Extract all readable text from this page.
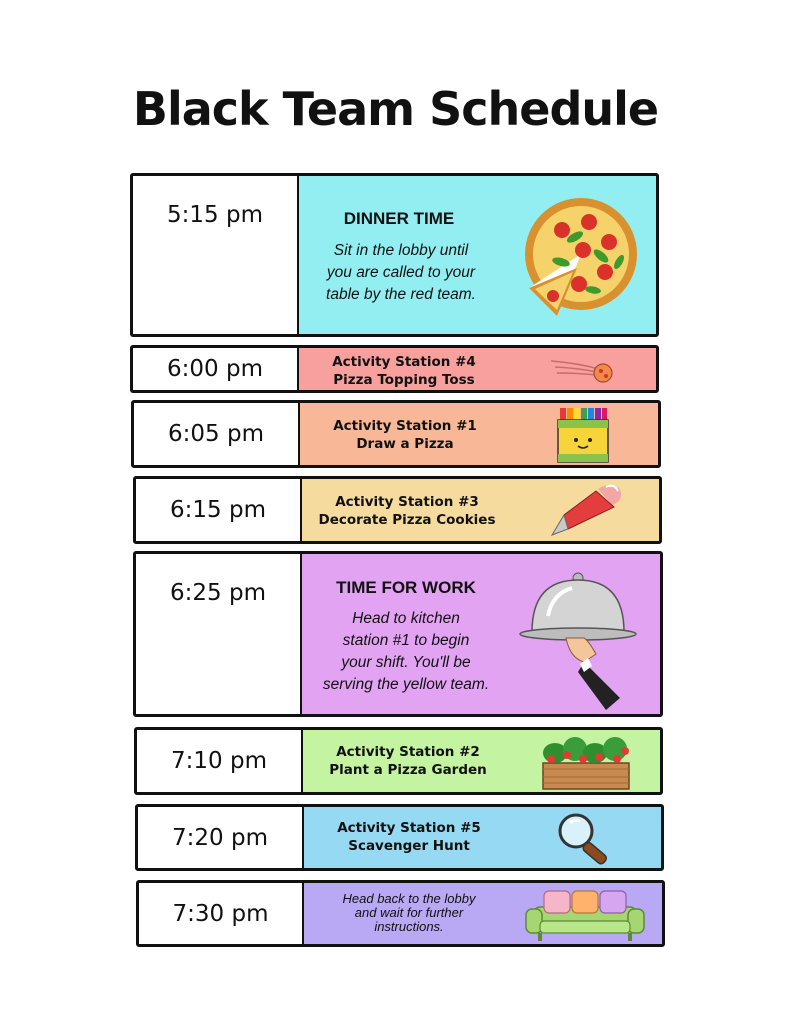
Black Team Schedule
5:15 pm	DINNER TIME
Sit in the lobby until
you are called to your
table by the red team.
6:00 pm	Activity Station #4
Pizza Topping Toss
6:05 pm	Activity Station #1
Draw a Pizza
6:15 pm	Activity Station #3
Decorate Pizza Cookies
6:25 pm	TIME FOR WORK
Head to kitchen
station #1 to begin
your shift. You'll be
serving the yellow team.
7:10 pm	Activity Station #2
Plant a Pizza Garden
7:20 pm	Activity Station #5
Scavenger Hunt
7:30 pm
Head back to the lobby
and wait for further
instructions.
